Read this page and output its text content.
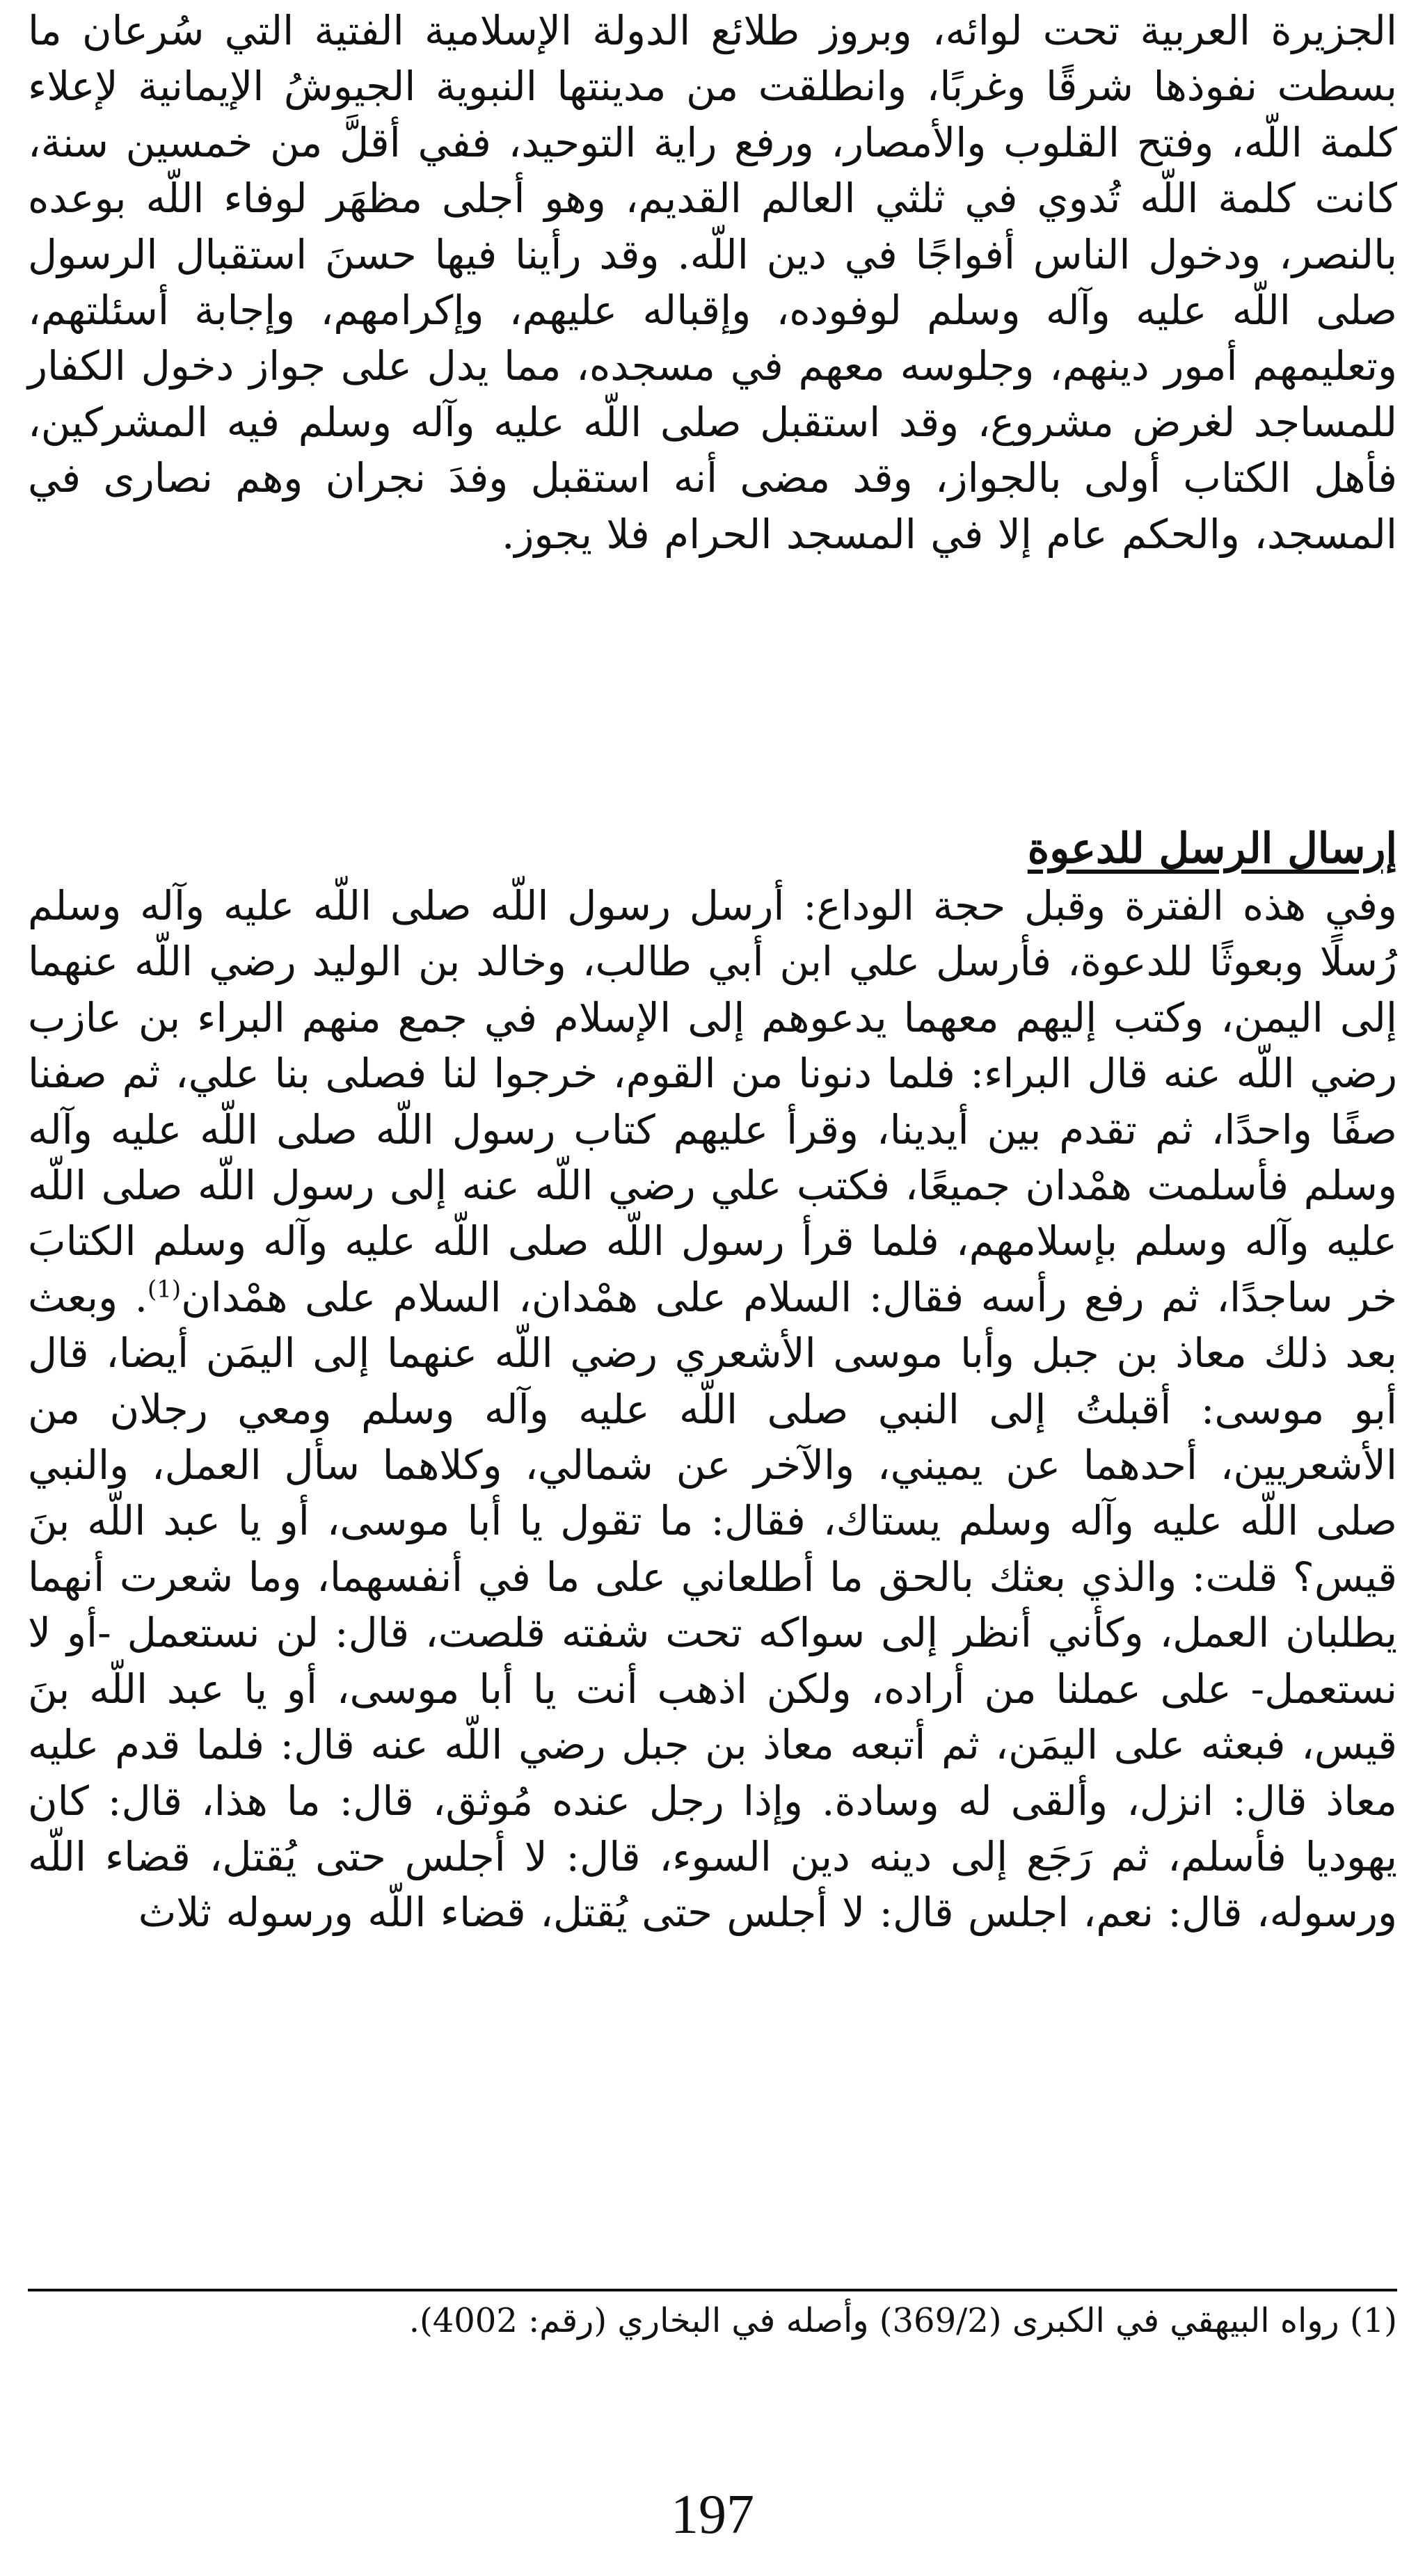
الجزيرة العربية تحت لوائه، وبروز طلائع الدولة الإسلامية الفتية التي سُرعان ما بسطت نفوذها شرقًا وغربًا، وانطلقت من مدينتها النبوية الجيوشُ الإيمانية لإعلاء كلمة اللّه، وفتح القلوب والأمصار، ورفع راية التوحيد، ففي أقلَّ من خمسين سنة، كانت كلمة اللّه تُدوي في ثلثي العالم القديم، وهو أجلى مظهَر لوفاء اللّه بوعده بالنصر، ودخول الناس أفواجًا في دين اللّه. وقد رأينا فيها حسنَ استقبال الرسول صلى اللّه عليه وآله وسلم لوفوده، وإقباله عليهم، وإكرامهم، وإجابة أسئلتهم، وتعليمهم أمور دينهم، وجلوسه معهم في مسجده، مما يدل على جواز دخول الكفار للمساجد لغرض مشروع، وقد استقبل صلى اللّه عليه وآله وسلم فيه المشركين، فأهل الكتاب أولى بالجواز، وقد مضى أنه استقبل وفدَ نجران وهم نصارى في المسجد، والحكم عام إلا في المسجد الحرام فلا يجوز.

إرسال الرسل للدعوة

وفي هذه الفترة وقبل حجة الوداع: أرسل رسول اللّه صلى اللّه عليه وآله وسلم رُسلًا وبعوثًا للدعوة، فأرسل علي ابن أبي طالب، وخالد بن الوليد رضي اللّه عنهما إلى اليمن، وكتب إليهم معهما يدعوهم إلى الإسلام في جمع منهم البراء بن عازب رضي اللّه عنه قال البراء: فلما دنونا من القوم، خرجوا لنا فصلى بنا علي، ثم صفنا صفًا واحدًا، ثم تقدم بين أيدينا، وقرأ عليهم كتاب رسول اللّه صلى اللّه عليه وآله وسلم فأسلمت همْدان جميعًا، فكتب علي رضي اللّه عنه إلى رسول اللّه صلى اللّه عليه وآله وسلم بإسلامهم، فلما قرأ رسول اللّه صلى اللّه عليه وآله وسلم الكتابَ خر ساجدًا، ثم رفع رأسه فقال: السلام على همْدان، السلام على همْدان$^{(1)}$. وبعث بعد ذلك معاذ بن جبل وأبا موسى الأشعري رضي اللّه عنهما إلى اليمَن أيضا، قال أبو موسى: أقبلتُ إلى النبي صلى اللّه عليه وآله وسلم ومعي رجلان من الأشعريين، أحدهما عن يميني، والآخر عن شمالي، وكلاهما سأل العمل، والنبي صلى اللّه عليه وآله وسلم يستاك، فقال: ما تقول يا أبا موسى، أو يا عبد اللّه بنَ قيس؟ قلت: والذي بعثك بالحق ما أطلعاني على ما في أنفسهما، وما شعرت أنهما يطلبان العمل، وكأني أنظر إلى سواكه تحت شفته قلصت، قال: لن نستعمل -أو لا نستعمل- على عملنا من أراده، ولكن اذهب أنت يا أبا موسى، أو يا عبد اللّه بنَ قيس، فبعثه على اليمَن، ثم أتبعه معاذ بن جبل رضي اللّه عنه قال: فلما قدم عليه معاذ قال: انزل، وألقى له وسادة. وإذا رجل عنده مُوثق، قال: ما هذا، قال: كان يهوديا فأسلم، ثم رَجَع إلى دينه دين السوء، قال: لا أجلس حتى يُقتل، قضاء اللّه ورسوله، قال: نعم، اجلس قال: لا أجلس حتى يُقتل، قضاء اللّه ورسوله ثلاث

(1) رواه البيهقي في الكبرى (369/2) وأصله في البخاري (رقم: 4002).

197
